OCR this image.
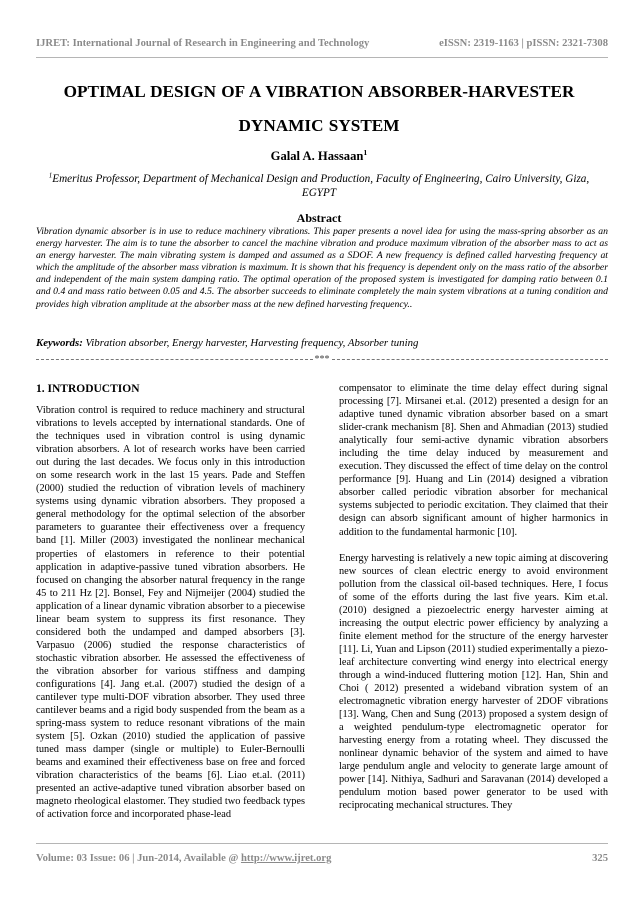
IJRET: International Journal of Research in Engineering and Technology	eISSN: 2319-1163 | pISSN: 2321-7308
OPTIMAL DESIGN OF A VIBRATION ABSORBER-HARVESTER DYNAMIC SYSTEM
Galal A. Hassaan$^1$
$^1$Emeritus Professor, Department of Mechanical Design and Production, Faculty of Engineering, Cairo University, Giza, EGYPT
Abstract
Vibration dynamic absorber is in use to reduce machinery vibrations. This paper presents a novel idea for using the mass-spring absorber as an energy harvester. The aim is to tune the absorber to cancel the machine vibration and produce maximum vibration of the absorber mass to act as an energy harvester. The main vibrating system is damped and assumed as a SDOF. A new frequency is defined called harvesting frequency at which the amplitude of the absorber mass vibration is maximum. It is shown that his frequency is dependent only on the mass ratio of the absorber and independent of the main system damping ratio. The optimal operation of the proposed system is investigated for damping ratio between 0.1 and 0.4 and mass ratio between 0.05 and 4.5. The absorber succeeds to eliminate completely the main system vibrations at a tuning condition and provides high vibration amplitude at the absorber mass at the new defined harvesting frequency..
Keywords: Vibration absorber, Energy harvester, Harvesting frequency, Absorber tuning
***
1. INTRODUCTION

Vibration control is required to reduce machinery and structural vibrations to levels accepted by international standards. One of the techniques used in vibration control is using dynamic vibration absorbers. A lot of research works have been carried out during the last decades. We focus only in this introduction on some research work in the last 15 years. Pade and Steffen (2000) studied the reduction of vibration levels of machinery systems using dynamic vibration absorbers. They proposed a general methodology for the optimal selection of the absorber parameters to guarantee their effectiveness over a frequency band [1]. Miller (2003) investigated the nonlinear mechanical properties of elastomers in reference to their potential application in adaptive-passive tuned vibration absorbers. He focused on changing the absorber natural frequency in the range 45 to 211 Hz [2]. Bonsel, Fey and Nijmeijer (2004) studied the application of a linear dynamic vibration absorber to a piecewise linear beam system to suppress its first resonance. They considered both the undamped and damped absorbers [3]. Varpasuo (2006) studied the response characteristics of stochastic vibration absorber. He assessed the effectiveness of the vibration absorber for various stiffness and damping configurations [4]. Jang et.al. (2007) studied the design of a cantilever type multi-DOF vibration absorber. They used three cantilever beams and a rigid body suspended from the beam as a spring-mass system to reduce resonant vibrations of the main system [5]. Ozkan (2010) studied the application of passive tuned mass damper (single or multiple) to Euler-Bernoulli beams and examined their effectiveness base on free and forced vibration characteristics of the beams [6]. Liao et.al. (2011) presented an active-adaptive tuned vibration absorber based on magneto rheological elastomer. They studied two feedback types of activation force and incorporated phase-lead

compensator to eliminate the time delay effect during signal processing [7]. Mirsanei et.al. (2012) presented a design for an adaptive tuned dynamic vibration absorber based on a smart slider-crank mechanism [8]. Shen and Ahmadian (2013) studied analytically four semi-active dynamic vibration absorbers including the time delay induced by measurement and execution. They discussed the effect of time delay on the control performance [9]. Huang and Lin (2014) designed a vibration absorber called periodic vibration absorber for mechanical systems subjected to periodic excitation. They claimed that their design can absorb significant amount of higher harmonics in addition to the fundamental harmonic [10].

Energy harvesting is relatively a new topic aiming at discovering new sources of clean electric energy to avoid environment pollution from the classical oil-based techniques. Here, I focus of some of the efforts during the last five years. Kim et.al. (2010) designed a piezoelectric energy harvester aiming at increasing the output electric power efficiency by analyzing a finite element method for the structure of the energy harvester [11]. Li, Yuan and Lipson (2011) studied experimentally a piezo-leaf architecture converting wind energy into electrical energy through a wind-induced fluttering motion [12]. Han, Shin and Choi ( 2012) presented a wideband vibration system of an electromagnetic vibration energy harvester of 2DOF vibrations [13]. Wang, Chen and Sung (2013) proposed a system design of a weighted pendulum-type electromagnetic operator for harvesting energy from a rotating wheel. They discussed the nonlinear dynamic behavior of the system and aimed to have large pendulum angle and velocity to generate large amount of power [14]. Nithiya, Sadhuri and Saravanan (2014) developed a pendulum motion based power generator to be used with reciprocating mechanical structures. They

Volume: 03 Issue: 06 | Jun-2014, Available @ http://www.ijret.org	325
